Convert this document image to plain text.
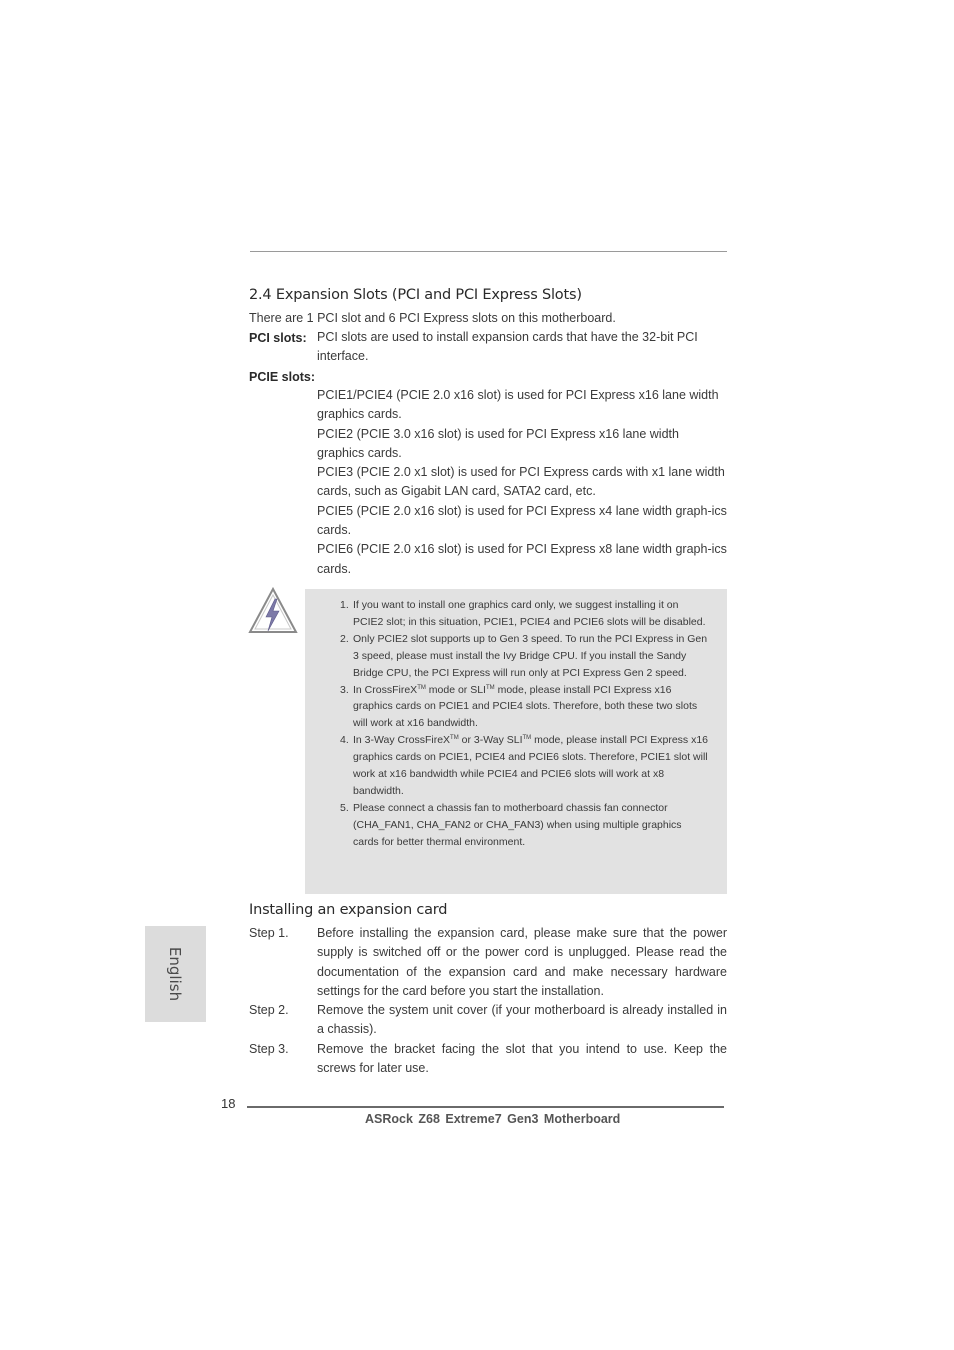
2.4 Expansion Slots (PCI and PCI Express Slots)
There are 1 PCI slot and 6 PCI Express slots on this motherboard.
PCI slots: PCI slots are used to install expansion cards that have the 32-bit PCI interface.

PCIE slots:

PCIE1/PCIE4 (PCIE 2.0 x16 slot) is used for PCI Express x16 lane width graphics cards.

PCIE2 (PCIE 3.0 x16 slot) is used for PCI Express x16 lane width graphics cards.

PCIE3 (PCIE 2.0 x1 slot) is used for PCI Express cards with x1 lane width cards, such as Gigabit LAN card, SATA2 card, etc.

PCIE5 (PCIE 2.0 x16 slot) is used for PCI Express x4 lane width graph-ics cards.

PCIE6 (PCIE 2.0 x16 slot) is used for PCI Express x8 lane width graph-ics cards.

1. If you want to install one graphics card only, we suggest installing it on PCIE2 slot; in this situation, PCIE1, PCIE4 and PCIE6 slots will be disabled.
2. Only PCIE2 slot supports up to Gen 3 speed. To run the PCI Express in Gen 3 speed, please must install the Ivy Bridge CPU. If you install the Sandy Bridge CPU, the PCI Express will run only at PCI Express Gen 2 speed.
3. In CrossFireX™ mode or SLI™ mode, please install PCI Express x16 graphics cards on PCIE1 and PCIE4 slots. Therefore, both these two slots will work at x16 bandwidth.
4. In 3-Way CrossFireX™ or 3-Way SLI™ mode, please install PCI Express x16 graphics cards on PCIE1, PCIE4 and PCIE6 slots. Therefore, PCIE1 slot will work at x16 bandwidth while PCIE4 and PCIE6 slots will work at x8 bandwidth.
5. Please connect a chassis fan to motherboard chassis fan connector (CHA_FAN1, CHA_FAN2 or CHA_FAN3) when using multiple graphics cards for better thermal environment.
Installing an expansion card
Step 1.	Before installing the expansion card, please make sure that the power supply is switched off or the power cord is unplugged. Please read the documentation of the expansion card and make necessary hardware settings for the card before you start the installation.
Step 2.	Remove the system unit cover (if your motherboard is already installed in a chassis).
Step 3.	Remove the bracket facing the slot that you intend to use. Keep the screws for later use.
English
18
ASRock Z68 Extreme7 Gen3 Motherboard
